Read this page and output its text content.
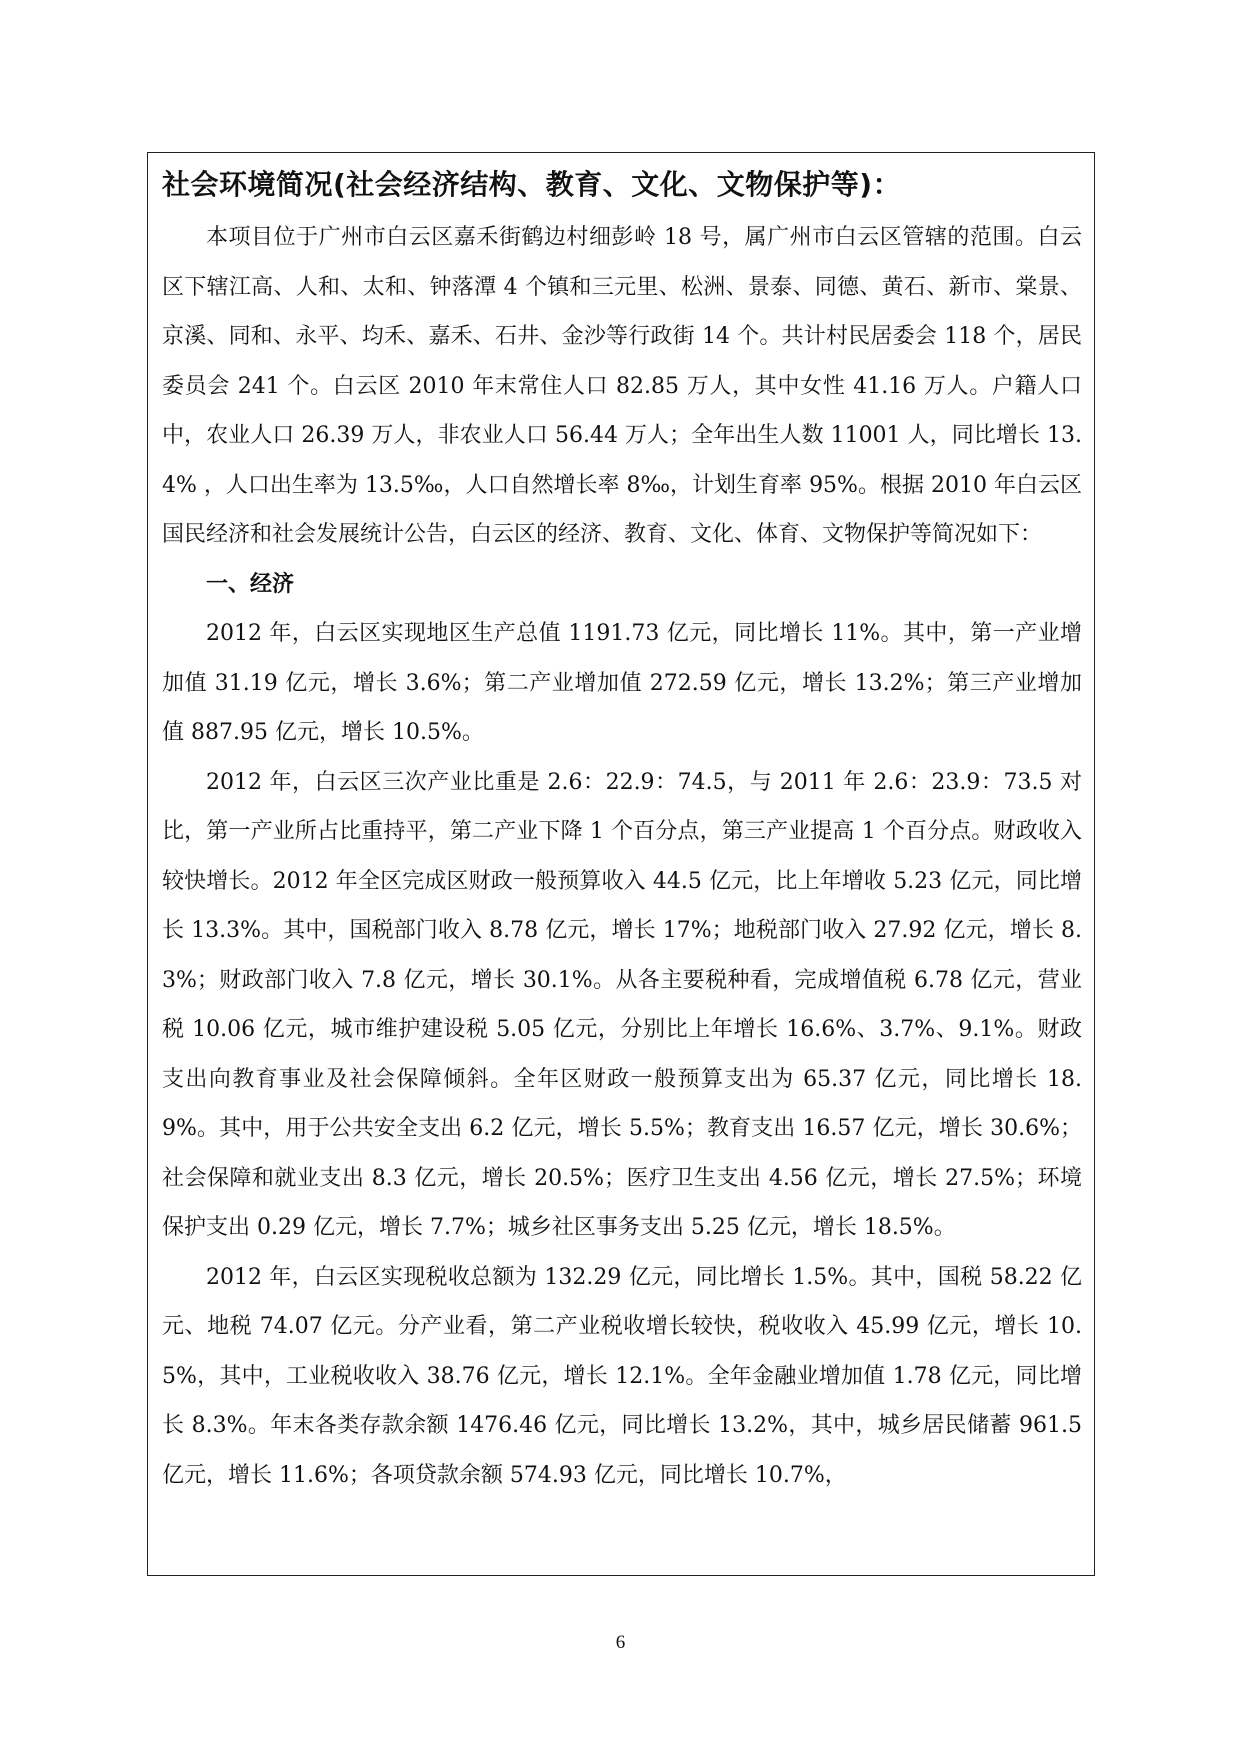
社会环境简况(社会经济结构、教育、文化、文物保护等)：

本项目位于广州市白云区嘉禾街鹤边村细彭岭 18 号，属广州市白云区管辖的范围。白云区下辖江高、人和、太和、钟落潭 4 个镇和三元里、松洲、景泰、同德、黄石、新市、棠景、京溪、同和、永平、均禾、嘉禾、石井、金沙等行政街 14 个。共计村民居委会 118 个，居民委员会 241 个。白云区 2010 年末常住人口 82.85 万人，其中女性 41.16 万人。户籍人口中，农业人口 26.39 万人，非农业人口 56.44 万人；全年出生人数 11001 人，同比增长 13.4% ，人口出生率为 13.5‰，人口自然增长率 8‰，计划生育率 95%。根据 2010 年白云区国民经济和社会发展统计公告，白云区的经济、教育、文化、体育、文物保护等简况如下：

一、经济

2012 年，白云区实现地区生产总值 1191.73 亿元，同比增长 11%。其中，第一产业增加值 31.19 亿元，增长 3.6%；第二产业增加值 272.59 亿元，增长 13.2%；第三产业增加值 887.95 亿元，增长 10.5%。

2012 年，白云区三次产业比重是 2.6：22.9：74.5，与 2011 年 2.6：23.9：73.5 对比，第一产业所占比重持平，第二产业下降 1 个百分点，第三产业提高 1 个百分点。财政收入较快增长。2012 年全区完成区财政一般预算收入 44.5 亿元，比上年增收 5.23 亿元，同比增长 13.3%。其中，国税部门收入 8.78 亿元，增长 17%；地税部门收入 27.92 亿元，增长 8.3%；财政部门收入 7.8 亿元，增长 30.1%。从各主要税种看，完成增值税 6.78 亿元，营业税 10.06 亿元，城市维护建设税 5.05 亿元，分别比上年增长 16.6%、3.7%、9.1%。财政支出向教育事业及社会保障倾斜。全年区财政一般预算支出为 65.37 亿元，同比增长 18.9%。其中，用于公共安全支出 6.2 亿元，增长 5.5%；教育支出 16.57 亿元，增长 30.6%；社会保障和就业支出 8.3 亿元，增长 20.5%；医疗卫生支出 4.56 亿元，增长 27.5%；环境保护支出 0.29 亿元，增长 7.7%；城乡社区事务支出 5.25 亿元，增长 18.5%。

2012 年，白云区实现税收总额为 132.29 亿元，同比增长 1.5%。其中，国税 58.22 亿元、地税 74.07 亿元。分产业看，第二产业税收增长较快，税收收入 45.99 亿元，增长 10.5%，其中，工业税收收入 38.76 亿元，增长 12.1%。全年金融业增加值 1.78 亿元，同比增长 8.3%。年末各类存款余额 1476.46 亿元，同比增长 13.2%，其中，城乡居民储蓄 961.5 亿元，增长 11.6%；各项贷款余额 574.93 亿元，同比增长 10.7%，

6
